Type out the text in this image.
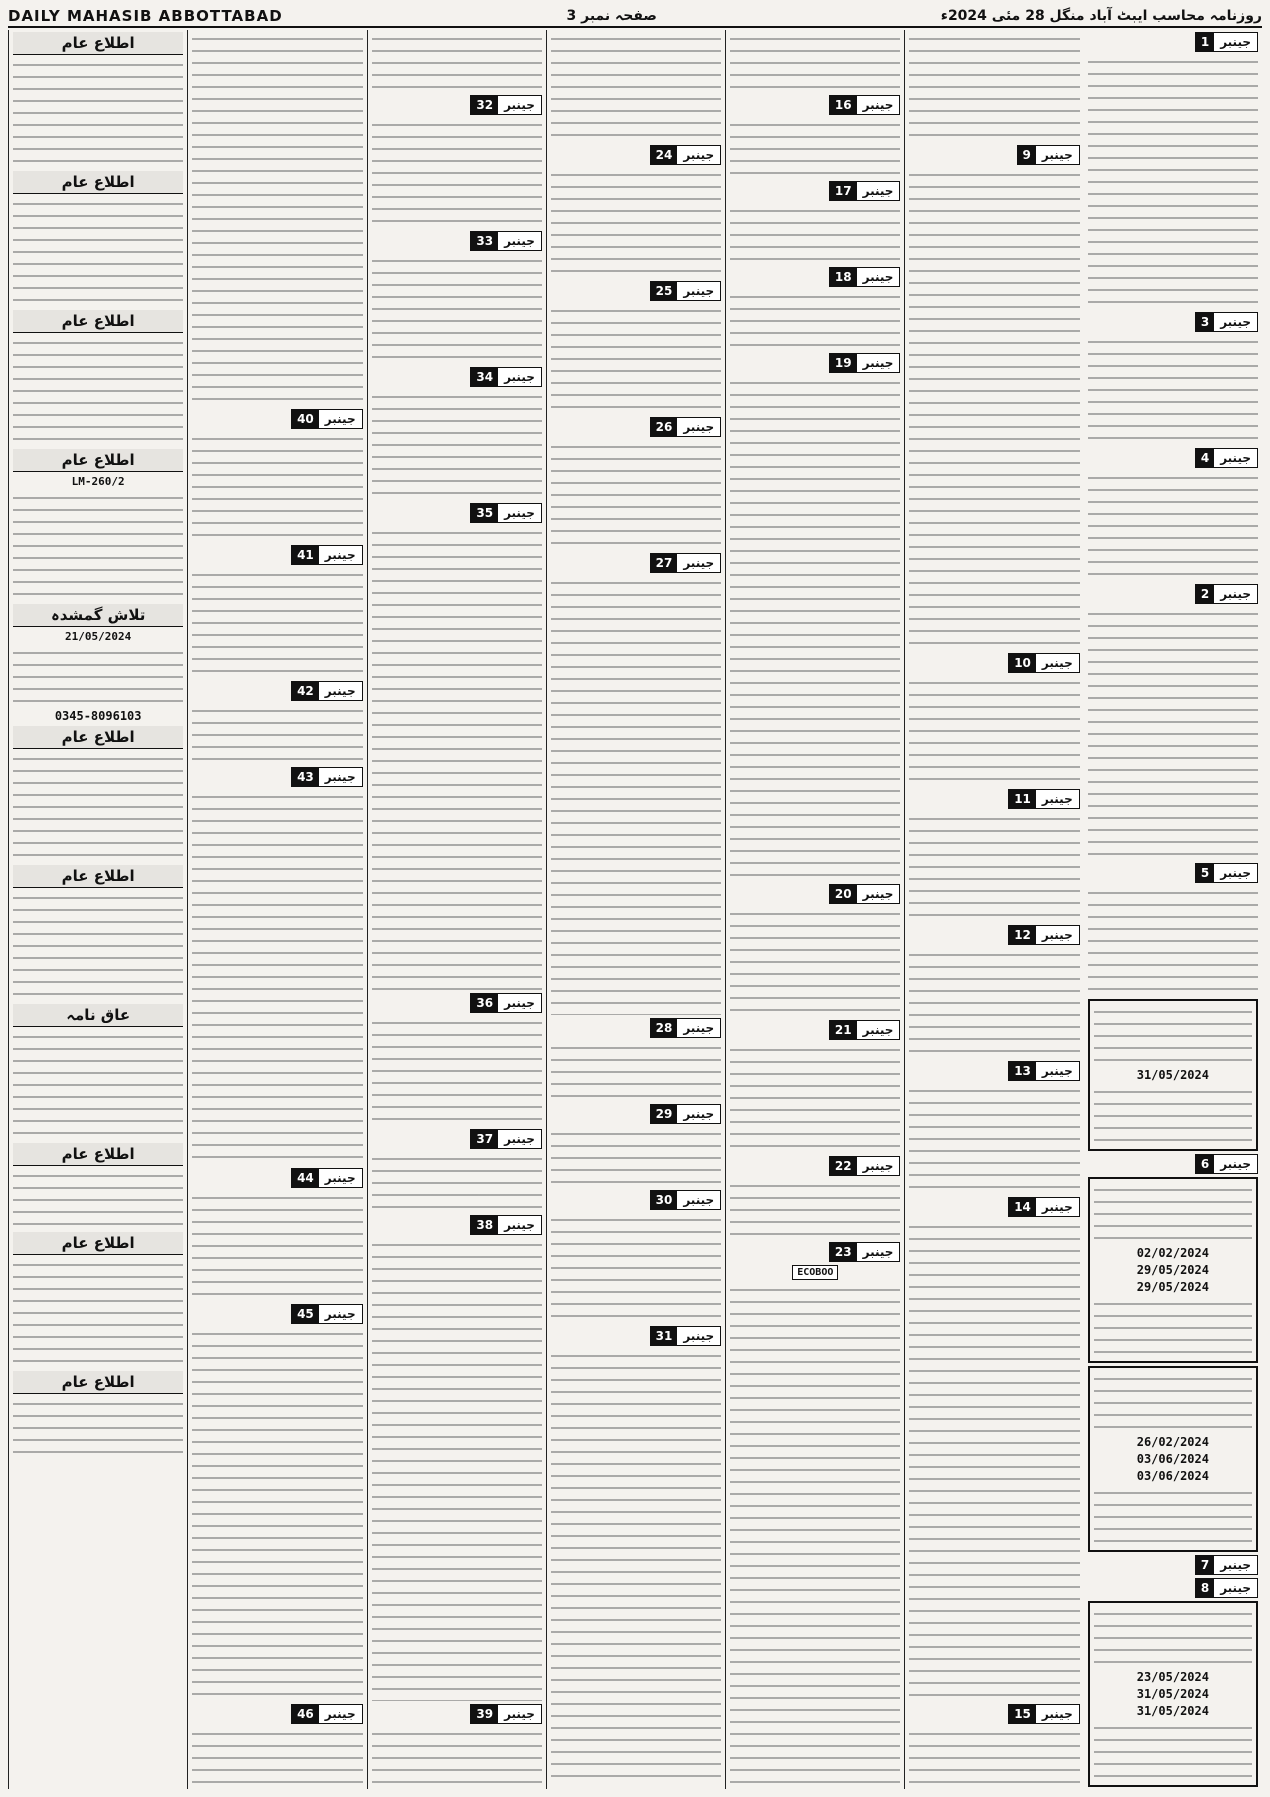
DAILY MAHASIB ABBOTTABAD	صفحہ نمبر 3	روزنامہ محاسب ایبٹ آباد منگل 28 مئی 2024ء
جینبر
1
جینبر
3
جینبر
4
جینبر
2
جینبر
5
31/05/2024
جینبر
6
02/02/2024
29/05/2024
29/05/2024
26/02/2024
03/06/2024
03/06/2024
جینبر
7
جینبر
8
23/05/2024
31/05/2024
31/05/2024
جینبر
9
جینبر
10
جینبر
11
جینبر
12
جینبر
13
جینبر
14
جینبر
15
جینبر
16
جینبر
17
جینبر
18
جینبر
19
جینبر
20
جینبر
21
جینبر
22
جینبر
23
ECOBOO
جینبر
24
جینبر
25
جینبر
26
جینبر
27
جینبر
28
جینبر
29
جینبر
30
جینبر
31
جینبر
32
جینبر
33
جینبر
34
جینبر
35
جینبر
36
جینبر
37
جینبر
38
جینبر
39
جینبر
40
جینبر
41
جینبر
42
جینبر
43
جینبر
44
جینبر
45
جینبر
46
اطلاع عام
اطلاع عام
اطلاع عام
اطلاع عام
LM-260/2
تلاش گمشدہ
21/05/2024
0345-8096103
اطلاع عام
اطلاع عام
عاق نامہ
اطلاع عام
اطلاع عام
اطلاع عام
